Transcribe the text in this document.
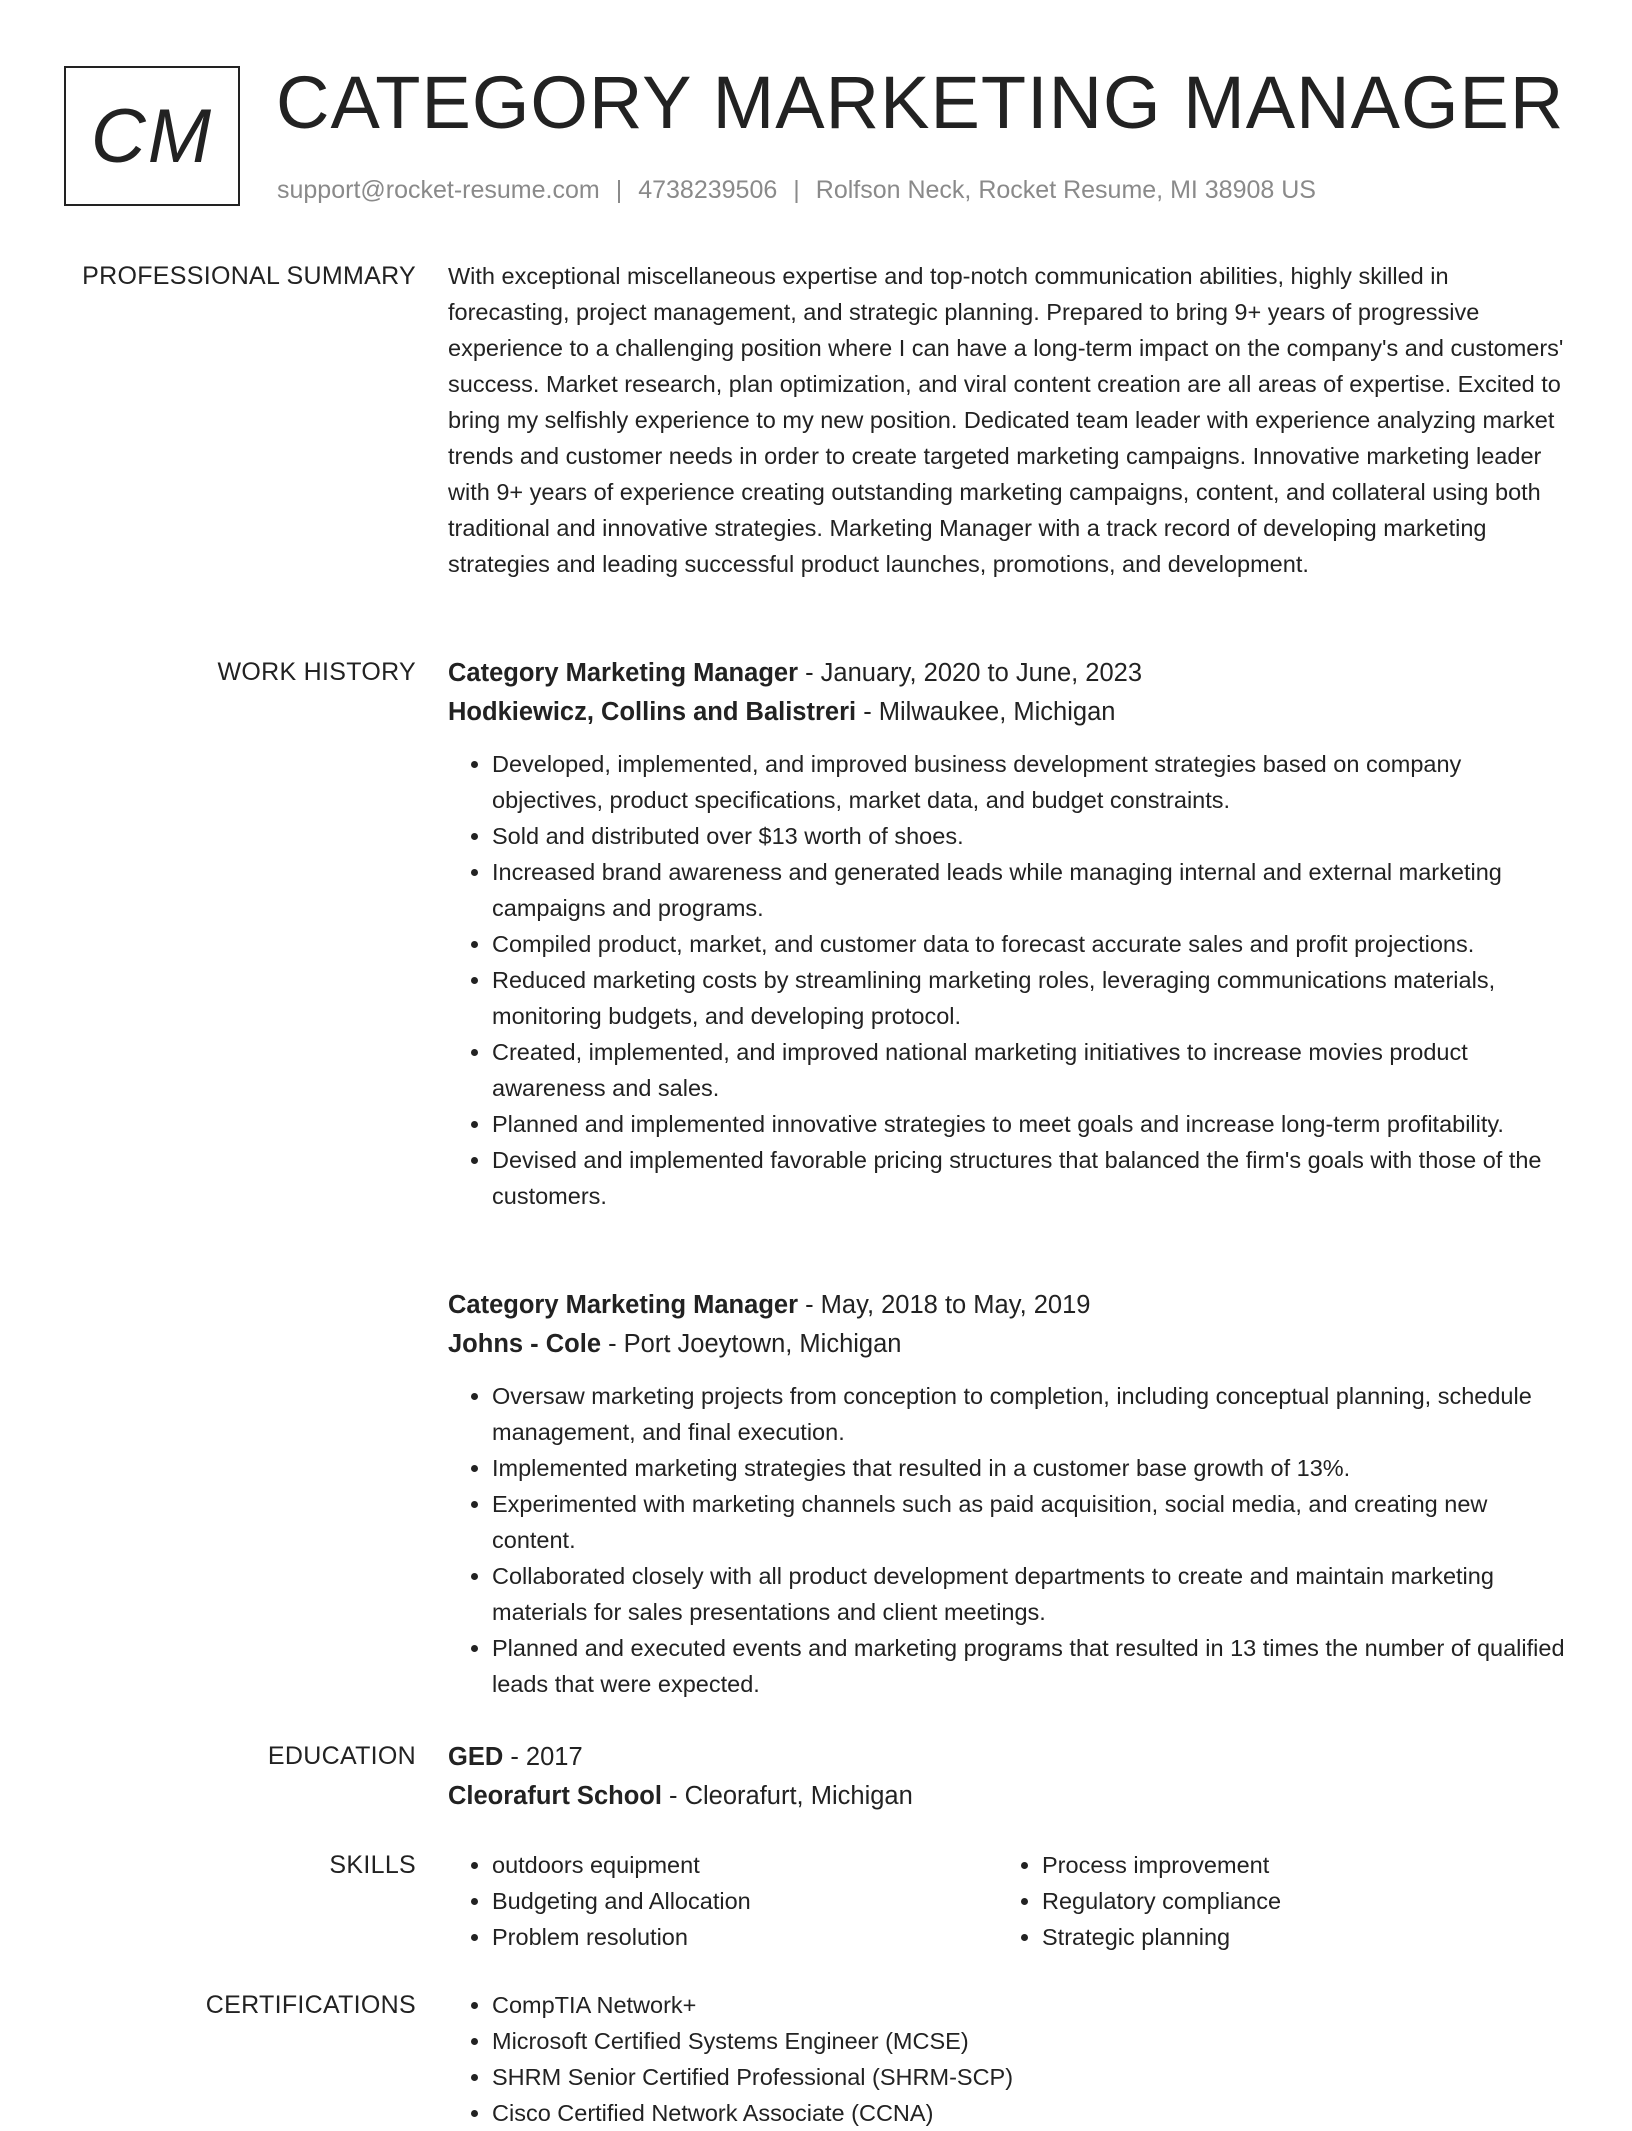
CM CATEGORY MARKETING MANAGER
support@rocket-resume.com | 4738239506 | Rolfson Neck, Rocket Resume, MI 38908 US
PROFESSIONAL SUMMARY With exceptional miscellaneous expertise and top-notch communication abilities, highly skilled in forecasting, project management, and strategic planning. Prepared to bring 9+ years of progressive experience to a challenging position where I can have a long-term impact on the company's and customers' success. Market research, plan optimization, and viral content creation are all areas of expertise. Excited to bring my selfishly experience to my new position. Dedicated team leader with experience analyzing market trends and customer needs in order to create targeted marketing campaigns. Innovative marketing leader with 9+ years of experience creating outstanding marketing campaigns, content, and collateral using both traditional and innovative strategies. Marketing Manager with a track record of developing marketing strategies and leading successful product launches, promotions, and development.

WORK HISTORY Category Marketing Manager - January, 2020 to June, 2023
Hodkiewicz, Collins and Balistreri - Milwaukee, Michigan
• Developed, implemented, and improved business development strategies based on company objectives, product specifications, market data, and budget constraints.
• Sold and distributed over $13 worth of shoes.
• Increased brand awareness and generated leads while managing internal and external marketing campaigns and programs.
• Compiled product, market, and customer data to forecast accurate sales and profit projections.
• Reduced marketing costs by streamlining marketing roles, leveraging communications materials, monitoring budgets, and developing protocol.
• Created, implemented, and improved national marketing initiatives to increase movies product awareness and sales.
• Planned and implemented innovative strategies to meet goals and increase long-term profitability.
• Devised and implemented favorable pricing structures that balanced the firm's goals with those of the customers.
Category Marketing Manager - May, 2018 to May, 2019
Johns - Cole - Port Joeytown, Michigan
• Oversaw marketing projects from conception to completion, including conceptual planning, schedule management, and final execution.
• Implemented marketing strategies that resulted in a customer base growth of 13%.
• Experimented with marketing channels such as paid acquisition, social media, and creating new content.
• Collaborated closely with all product development departments to create and maintain marketing materials for sales presentations and client meetings.
• Planned and executed events and marketing programs that resulted in 13 times the number of qualified leads that were expected.
EDUCATION GED - 2017
Cleorafurt School - Cleorafurt, Michigan
SKILLS	• outdoors equipment
• Budgeting and Allocation
• Problem resolution
• Process improvement
• Regulatory compliance
• Strategic planning
CERTIFICATIONS	• CompTIA Network+
• Microsoft Certified Systems Engineer (MCSE)
• SHRM Senior Certified Professional (SHRM-SCP)
• Cisco Certified Network Associate (CCNA)
